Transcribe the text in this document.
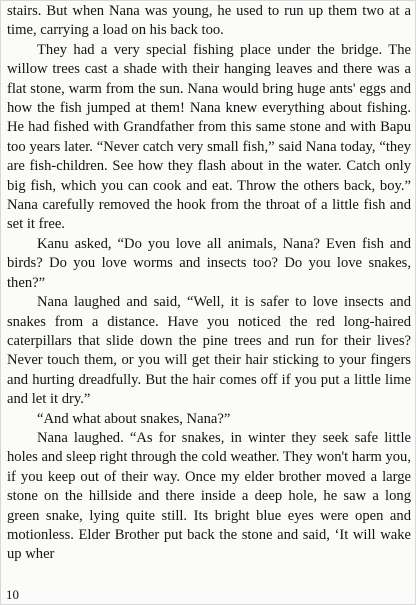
stairs. But when Nana was young, he used to run up them two at a time, carrying a load on his back too.

They had a very special fishing place under the bridge. The willow trees cast a shade with their hanging leaves and there was a flat stone, warm from the sun. Nana would bring huge ants' eggs and how the fish jumped at them! Nana knew everything about fishing. He had fished with Grandfather from this same stone and with Bapu too years later. “Never catch very small fish,” said Nana today, “they are fish-children. See how they flash about in the water. Catch only big fish, which you can cook and eat. Throw the others back, boy.” Nana carefully removed the hook from the throat of a little fish and set it free.

Kanu asked, “Do you love all animals, Nana? Even fish and birds? Do you love worms and insects too? Do you love snakes, then?”

Nana laughed and said, “Well, it is safer to love insects and snakes from a distance. Have you noticed the red long-haired caterpillars that slide down the pine trees and run for their lives? Never touch them, or you will get their hair sticking to your fingers and hurting dreadfully. But the hair comes off if you put a little lime and let it dry.”

“And what about snakes, Nana?”

Nana laughed. “As for snakes, in winter they seek safe little holes and sleep right through the cold weather. They won't harm you, if you keep out of their way. Once my elder brother moved a large stone on the hillside and there inside a deep hole, he saw a long green snake, lying quite still. Its bright blue eyes were open and motionless. Elder Brother put back the stone and said, ‘It will wake up wher

10
